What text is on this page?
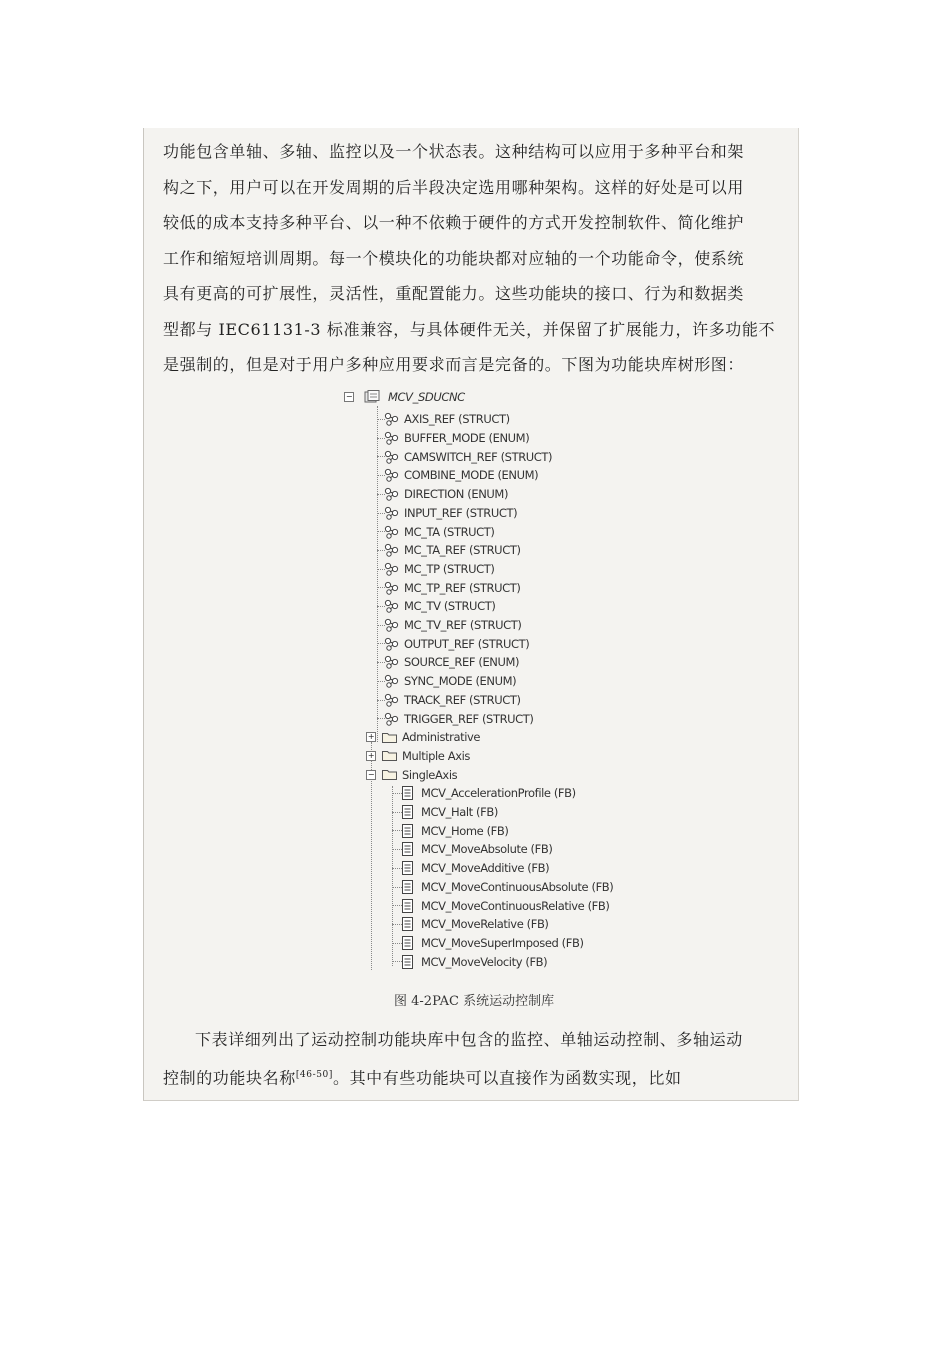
功能包含单轴、多轴、监控以及一个状态表。这种结构可以应用于多种平台和架
构之下，用户可以在开发周期的后半段决定选用哪种架构。这样的好处是可以用
较低的成本支持多种平台、以一种不依赖于硬件的方式开发控制软件、简化维护
工作和缩短培训周期。每一个模块化的功能块都对应轴的一个功能命令，使系统
具有更高的可扩展性，灵活性，重配置能力。这些功能块的接口、行为和数据类
型都与 IEC61131-3 标准兼容，与具体硬件无关，并保留了扩展能力，许多功能不
是强制的，但是对于用户多种应用要求而言是完备的。下图为功能块库树形图：
−	MCV_SDUCNC
AXIS_REF (STRUCT)
BUFFER_MODE (ENUM)
CAMSWITCH_REF (STRUCT)
COMBINE_MODE (ENUM)
DIRECTION (ENUM)
INPUT_REF (STRUCT)
MC_TA (STRUCT)
MC_TA_REF (STRUCT)
MC_TP (STRUCT)
MC_TP_REF (STRUCT)
MC_TV (STRUCT)
MC_TV_REF (STRUCT)
OUTPUT_REF (STRUCT)
SOURCE_REF (ENUM)
SYNC_MODE (ENUM)
TRACK_REF (STRUCT)
TRIGGER_REF (STRUCT)
+ Administrative
+ Multiple Axis
− SingleAxis
MCV_AccelerationProfile (FB)
MCV_Halt (FB)
MCV_Home (FB)
MCV_MoveAbsolute (FB)
MCV_MoveAdditive (FB)
MCV_MoveContinuousAbsolute (FB)
MCV_MoveContinuousRelative (FB)
MCV_MoveRelative (FB)
MCV_MoveSuperImposed (FB)
MCV_MoveVelocity (FB)
图 4-2PAC 系统运动控制库
下表详细列出了运动控制功能块库中包含的监控、单轴运动控制、多轴运动
控制的功能块名称[46-50]。其中有些功能块可以直接作为函数实现，比如
